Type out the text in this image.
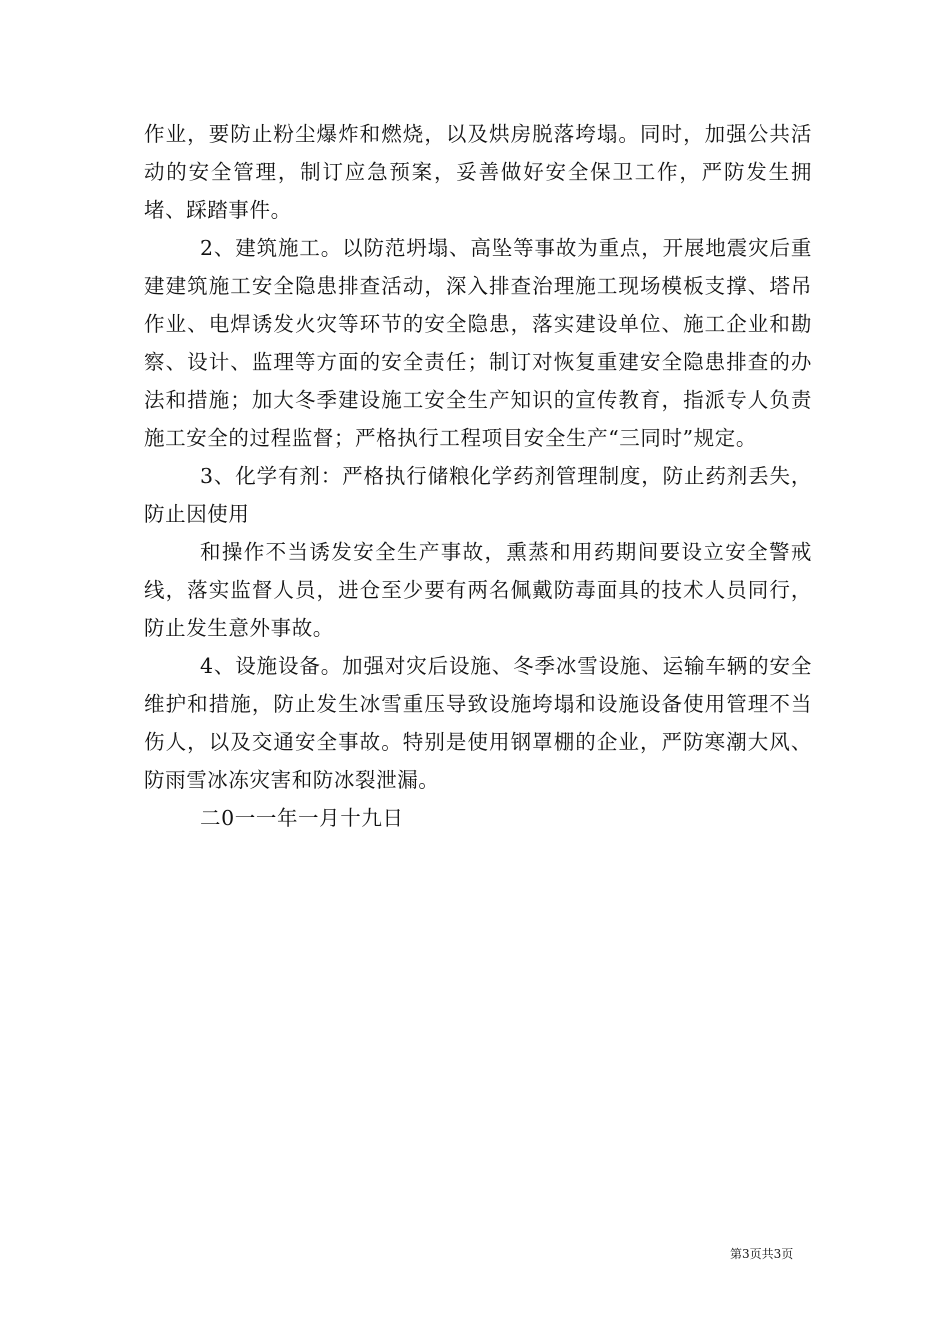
作业，要防止粉尘爆炸和燃烧，以及烘房脱落垮塌。同时，加强公共活动的安全管理，制订应急预案，妥善做好安全保卫工作，严防发生拥堵、踩踏事件。

2、建筑施工。以防范坍塌、高坠等事故为重点，开展地震灾后重建建筑施工安全隐患排查活动，深入排查治理施工现场模板支撑、塔吊作业、电焊诱发火灾等环节的安全隐患，落实建设单位、施工企业和勘察、设计、监理等方面的安全责任；制订对恢复重建安全隐患排查的办法和措施；加大冬季建设施工安全生产知识的宣传教育，指派专人负责施工安全的过程监督；严格执行工程项目安全生产“三同时”规定。

3、化学有剂：严格执行储粮化学药剂管理制度，防止药剂丢失，防止因使用

和操作不当诱发安全生产事故，熏蒸和用药期间要设立安全警戒线，落实监督人员，进仓至少要有两名佩戴防毒面具的技术人员同行，防止发生意外事故。

4、设施设备。加强对灾后设施、冬季冰雪设施、运输车辆的安全维护和措施，防止发生冰雪重压导致设施垮塌和设施设备使用管理不当伤人，以及交通安全事故。特别是使用钢罩棚的企业，严防寒潮大风、防雨雪冰冻灾害和防冰裂泄漏。

二0一一年一月十九日

第3页共3页
